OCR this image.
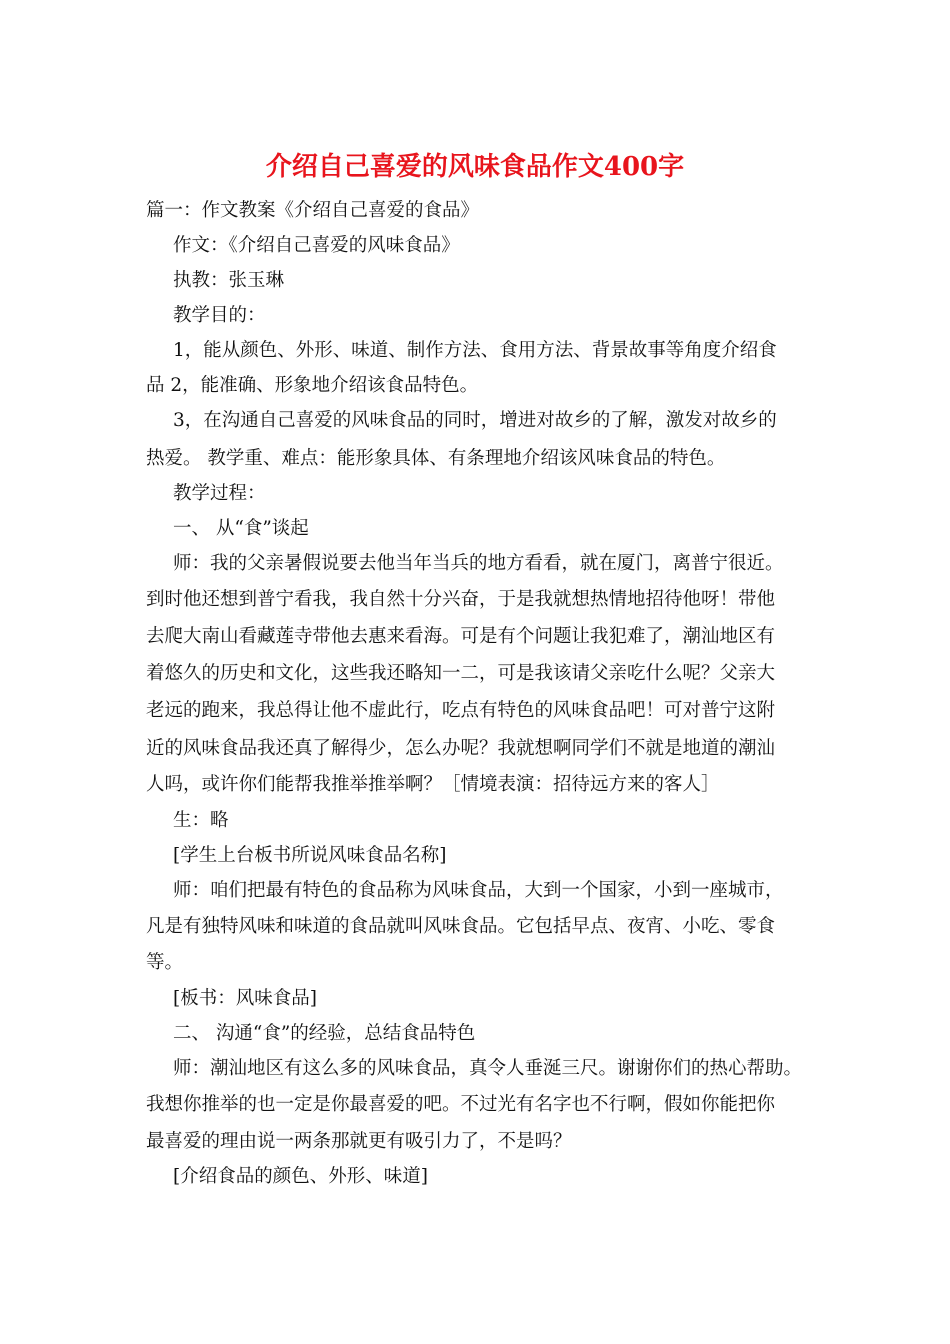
介绍自己喜爱的风味食品作文400字

篇一：作文教案《介绍自己喜爱的食品》

作文：《介绍自己喜爱的风味食品》

执教：张玉琳

教学目的：

1，能从颜色、外形、味道、制作方法、食用方法、背景故事等角度介绍食

品 2，能准确、形象地介绍该食品特色。

3，在沟通自己喜爱的风味食品的同时，增进对故乡的了解，激发对故乡的

热爱。 教学重、难点：能形象具体、有条理地介绍该风味食品的特色。

教学过程：

一、 从“食”谈起

师：我的父亲暑假说要去他当年当兵的地方看看，就在厦门，离普宁很近。

到时他还想到普宁看我，我自然十分兴奋，于是我就想热情地招待他呀！带他

去爬大南山看藏莲寺带他去惠来看海。可是有个问题让我犯难了，潮汕地区有

着悠久的历史和文化，这些我还略知一二，可是我该请父亲吃什么呢？父亲大

老远的跑来，我总得让他不虚此行，吃点有特色的风味食品吧！可对普宁这附

近的风味食品我还真了解得少，怎么办呢？我就想啊同学们不就是地道的潮汕

人吗，或许你们能帮我推举推举啊？［情境表演：招待远方来的客人］

生：略

[学生上台板书所说风味食品名称]

师：咱们把最有特色的食品称为风味食品，大到一个国家，小到一座城市，

凡是有独特风味和味道的食品就叫风味食品。它包括早点、夜宵、小吃、零食

等。

[板书：风味食品]

二、 沟通“食”的经验，总结食品特色

师：潮汕地区有这么多的风味食品，真令人垂涎三尺。谢谢你们的热心帮助。

我想你推举的也一定是你最喜爱的吧。不过光有名字也不行啊，假如你能把你

最喜爱的理由说一两条那就更有吸引力了，不是吗？

[介绍食品的颜色、外形、味道]
